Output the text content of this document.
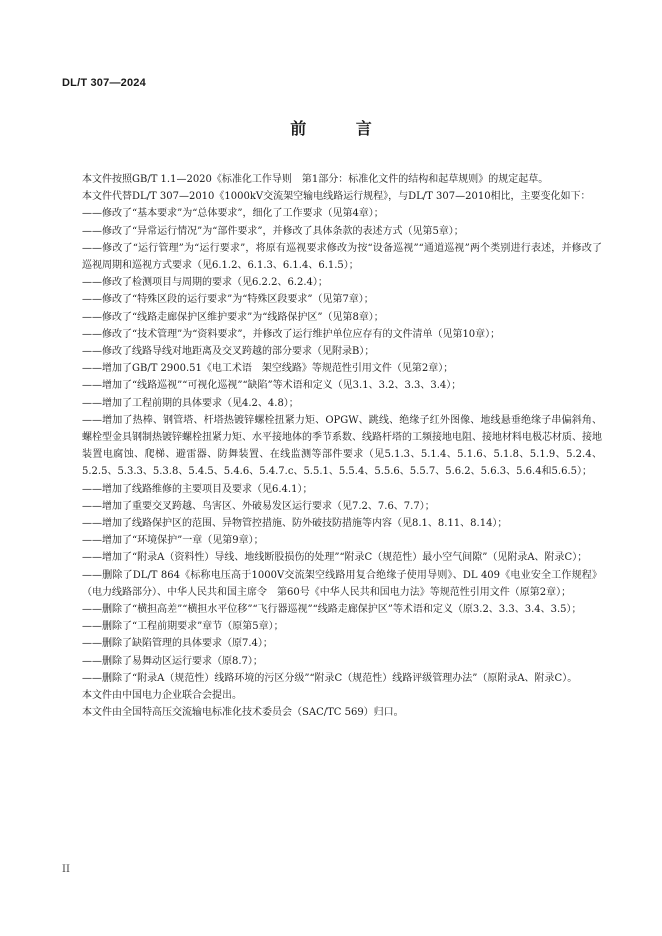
DL/T 307—2024
前 言

本文件按照GB/T 1.1—2020《标准化工作导则　第1部分：标准化文件的结构和起草规则》的规定起草。

本文件代替DL/T 307—2010《1000kV交流架空输电线路运行规程》，与DL/T 307—2010相比，主要变化如下：

——修改了“基本要求”为“总体要求”，细化了工作要求（见第4章）；

——修改了“异常运行情况”为“部件要求”，并修改了具体条款的表述方式（见第5章）；

——修改了“运行管理”为“运行要求”，将原有巡视要求修改为按“设备巡视”“通道巡视”两个类别进行表述，并修改了巡视周期和巡视方式要求（见6.1.2、6.1.3、6.1.4、6.1.5）；

——修改了检测项目与周期的要求（见6.2.2、6.2.4）；

——修改了“特殊区段的运行要求”为“特殊区段要求”（见第7章）；

——修改了“线路走廊保护区维护要求”为“线路保护区”（见第8章）；

——修改了“技术管理”为“资料要求”，并修改了运行维护单位应存有的文件清单（见第10章）；

——修改了线路导线对地距离及交叉跨越的部分要求（见附录B）；

——增加了GB/T 2900.51《电工术语　架空线路》等规范性引用文件（见第2章）；

——增加了“线路巡视”“可视化巡视”“缺陷”等术语和定义（见3.1、3.2、3.3、3.4）；

——增加了工程前期的具体要求（见4.2、4.8）；

——增加了热棒、钢管塔、杆塔热镀锌螺栓扭紧力矩、OPGW、跳线、绝缘子红外图像、地线悬垂绝缘子串偏斜角、螺栓型金具钢制热镀锌螺栓扭紧力矩、水平接地体的季节系数、线路杆塔的工频接地电阻、接地材料电极芯材质、接地装置电腐蚀、爬梯、避雷器、防舞装置、在线监测等部件要求（见5.1.3、5.1.4、5.1.6、5.1.8、5.1.9、5.2.4、5.2.5、5.3.3、5.3.8、5.4.5、5.4.6、5.4.7.c、5.5.1、5.5.4、5.5.6、5.5.7、5.6.2、5.6.3、5.6.4和5.6.5）；

——增加了线路维修的主要项目及要求（见6.4.1）；

——增加了重要交叉跨越、鸟害区、外破易发区运行要求（见7.2、7.6、7.7）；

——增加了线路保护区的范围、异物管控措施、防外破技防措施等内容（见8.1、8.11、8.14）；

——增加了“环境保护”一章（见第9章）；

——增加了“附录A（资料性）导线、地线断股损伤的处理”“附录C（规范性）最小空气间隙”（见附录A、附录C）；

——删除了DL/T 864《标称电压高于1000V交流架空线路用复合绝缘子使用导则》、DL 409《电业安全工作规程》（电力线路部分）、中华人民共和国主席令　第60号《中华人民共和国电力法》等规范性引用文件（原第2章）；

——删除了“横担高差”“横担水平位移”“飞行器巡视”“线路走廊保护区”等术语和定义（原3.2、3.3、3.4、3.5）；

——删除了“工程前期要求”章节（原第5章）；

——删除了缺陷管理的具体要求（原7.4）；

——删除了易舞动区运行要求（原8.7）；

——删除了“附录A（规范性）线路环境的污区分级”“附录C（规范性）线路评级管理办法”（原附录A、附录C）。

本文件由中国电力企业联合会提出。

本文件由全国特高压交流输电标准化技术委员会（SAC/TC 569）归口。

II
